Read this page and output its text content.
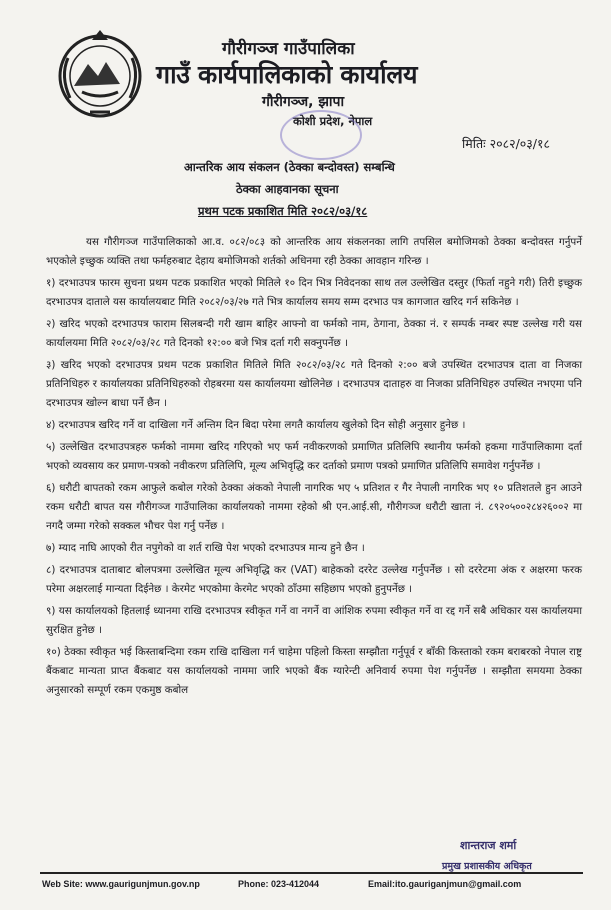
गौरीगञ्ज गाउँपालिका
गाउँ कार्यपालिकाको कार्यालय
गौरीगञ्ज, झापा
कोशी प्रदेश, नेपाल
मितिः २०८२/०३/१८
आन्तरिक आय संकलन (ठेक्का बन्दोवस्त) सम्बन्धि
ठेक्का आहवानका सूचना
प्रथम पटक प्रकाशित मिति २०८२/०३/१८

यस गौरीगञ्ज गाउँपालिकाको आ.व. ०८२/०८३ को आन्तरिक आय संकलनका लागि तपसिल बमोजिमको ठेक्का बन्दोवस्त गर्नुपर्ने भएकोले इच्छुक व्यक्ति तथा फर्महरुबाट देहाय बमोजिमको शर्तको अधिनमा रही ठेक्का आवहान गरिन्छ ।

१) दरभाउपत्र फारम सुचना प्रथम पटक प्रकाशित भएको मितिले १० दिन भित्र निवेदनका साथ तल उल्लेखित दस्तुर (फिर्ता नहुने गरी) तिरी इच्छुक दरभाउपत्र दाताले यस कार्यालयबाट मिति २०८२/०३/२७ गते भित्र कार्यालय समय सम्म दरभाउ पत्र कागजात खरिद गर्न सकिनेछ ।

२) खरिद भएको दरभाउपत्र फाराम सिलबन्दी गरी खाम बाहिर आफ्नो वा फर्मको नाम, ठेगाना, ठेक्का नं. र सम्पर्क नम्बर स्पष्ट उल्लेख गरी यस कार्यालयमा मिति २०८२/०३/२८ गते दिनको १२:०० बजे भित्र दर्ता गरी सक्नुपर्नेछ ।

३) खरिद भएको दरभाउपत्र प्रथम पटक प्रकाशित मितिले मिति २०८२/०३/२८ गते दिनको २:०० बजे उपस्थित दरभाउपत्र दाता वा निजका प्रतिनिधिहरु र कार्यालयका प्रतिनिधिहरुको रोहबरमा यस कार्यालयमा खोलिनेछ । दरभाउपत्र दाताहरु वा निजका प्रतिनिधिहरु उपस्थित नभएमा पनि दरभाउपत्र खोल्न बाधा पर्ने छैन ।

४) दरभाउपत्र खरिद गर्ने वा दाखिला गर्ने अन्तिम दिन बिदा परेमा लगतै कार्यालय खुलेको दिन सोही अनुसार हुनेछ ।

५) उल्लेखित दरभाउपत्रहरु फर्मको नाममा खरिद गरिएको भए फर्म नवीकरणको प्रमाणित प्रतिलिपि स्थानीय फर्मको हकमा गाउँपालिकामा दर्ता भएको व्यवसाय कर प्रमाण-पत्रको नवीकरण प्रतिलिपि, मूल्य अभिवृद्धि कर दर्ताको प्रमाण पत्रको प्रमाणित प्रतिलिपि समावेश गर्नुपर्नेछ ।

६) धरौटी बापतको रकम आफुले कबोल गरेको ठेक्का अंकको नेपाली नागरिक भए ५ प्रतिशत र गैर नेपाली नागरिक भए १० प्रतिशतले हुन आउने रकम धरौटी बापत यस गौरीगञ्ज गाउँपालिका कार्यालयको नाममा रहेको श्री एन.आई.सी, गौरीगञ्ज धरौटी खाता नं. ८९२०५००२८४२६००२ मा नगदै जम्मा गरेको सक्कल भौचर पेश गर्नु पर्नेछ ।

७) म्याद नाघि आएको रीत नपुगेको वा शर्त राखि पेश भएको दरभाउपत्र मान्य हुने छैन ।

८) दरभाउपत्र दाताबाट बोलपत्रमा उल्लेखित मूल्य अभिवृद्धि कर (VAT) बाहेकको दररेट उल्लेख गर्नुपर्नेछ । सो दररेटमा अंक र अक्षरमा फरक परेमा अक्षरलाई मान्यता दिईनेछ । केरमेट भएकोमा केरमेट भएको ठाँउमा सहिछाप भएको हुनुपर्नेछ ।

९) यस कार्यालयको हितलाई ध्यानमा राखि दरभाउपत्र स्वीकृत गर्ने वा नगर्ने वा आंशिक रुपमा स्वीकृत गर्ने वा रद्द गर्ने सबै अधिकार यस कार्यालयमा सुरक्षित हुनेछ ।

१०) ठेक्का स्वीकृत भई किस्ताबन्दिमा रकम राखि दाखिला गर्न चाहेमा पहिलो किस्ता सम्झौता गर्नुपूर्व र बाँकी किस्ताको रकम बराबरको नेपाल राष्ट्र बैंकबाट मान्यता प्राप्त बैंकबाट यस कार्यालयको नाममा जारि भएको बैंक ग्यारेन्टी अनिवार्य रुपमा पेश गर्नुपर्नेछ । सम्झौता समयमा ठेक्का अनुसारको सम्पूर्ण रकम एकमुष्ठ कबोल

शान्तराज शर्मा
प्रमुख प्रशासकीय अधिकृत
Web Site: www.gaurigunjmun.gov.np	Phone: 023-412044	Email:ito.gauriganjmun@gmail.com
